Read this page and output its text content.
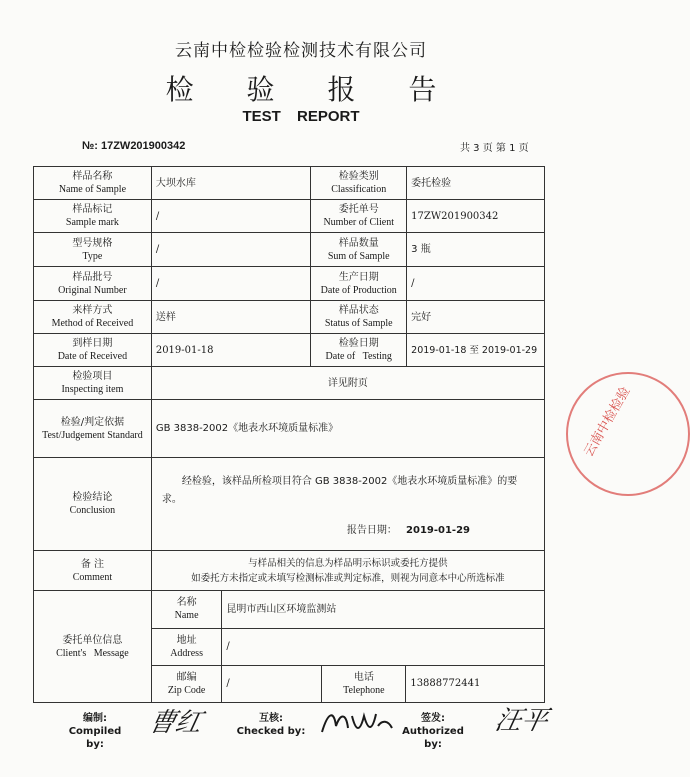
云南中检检验检测技术有限公司
检 验 报 告
TEST REPORT
№: 17ZW201900342	共 3 页 第 1 页
样品名称
Name of Sample
	大坝水库	
检验类别
Classification
	委托检验

样品标记
Sample mark
	/	
委托单号
Number of Client
	17ZW201900342

型号规格
Type
	/	
样品数量
Sum of Sample
	3 瓶

样品批号
Original Number
	/	
生产日期
Date of Production
	/

来样方式
Method of Received
	送样	
样品状态
Status of Sample
	完好

到样日期
Date of Received
	2019-01-18	
检验日期
Date of   Testing
	2019-01-18 至 2019-01-29

检验项目
Inspecting item
	详见附页

检验/判定依据
Test/Judgement Standard
	GB 3838-2002《地表水环境质量标准》

检验结论
Conclusion

经检验，该样品所检项目符合 GB 3838-2002《地表水环境质量标准》的要求。
报告日期： 2019-01-29

备 注
Comment

与样品相关的信息为样品明示标识或委托方提供
如委托方未指定或未填写检测标准或判定标准，则视为同意本中心所选标准

委托单位信息
Client's   Message

名称
Name
	昆明市西山区环境监测站

地址
Address
	/

邮编
Zip Code
	/	
电话
Telephone
	13888772441
编制:
Compiled by:
曹红	互核:
Checked by:
签发:
Authorized by:
汪平
云南中检检验
